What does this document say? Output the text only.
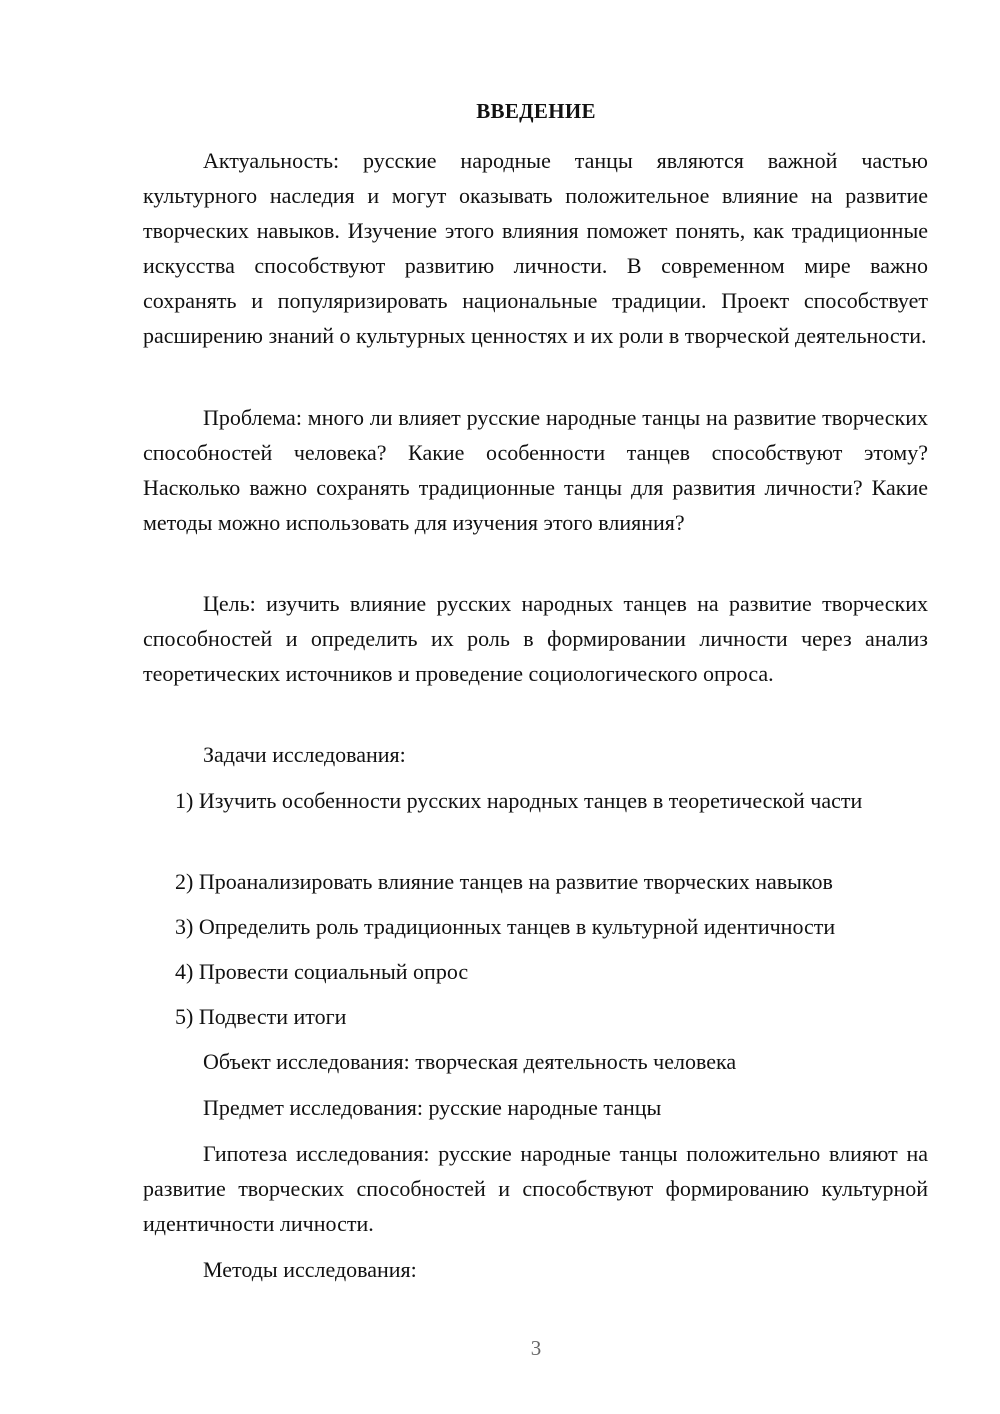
ВВЕДЕНИЕ

Актуальность: русские народные танцы являются важной частью культурного наследия и могут оказывать положительное влияние на развитие творческих навыков. Изучение этого влияния поможет понять, как традиционные искусства способствуют развитию личности. В современном мире важно сохранять и популяризировать национальные традиции. Проект способствует расширению знаний о культурных ценностях и их роли в творческой деятельности.

Проблема: много ли влияет русские народные танцы на развитие творческих способностей человека? Какие особенности танцев способствуют этому? Насколько важно сохранять традиционные танцы для развития личности? Какие методы можно использовать для изучения этого влияния?

Цель: изучить влияние русских народных танцев на развитие творческих способностей и определить их роль в формировании личности через анализ теоретических источников и проведение социологического опроса.

Задачи исследования:

1) Изучить особенности русских народных танцев в теоретической части

2) Проанализировать влияние танцев на развитие творческих навыков

3) Определить роль традиционных танцев в культурной идентичности

4) Провести социальный опрос

5) Подвести итоги

Объект исследования: творческая деятельность человека

Предмет исследования: русские народные танцы

Гипотеза исследования: русские народные танцы положительно влияют на развитие творческих способностей и способствуют формированию культурной идентичности личности.

Методы исследования:

3
